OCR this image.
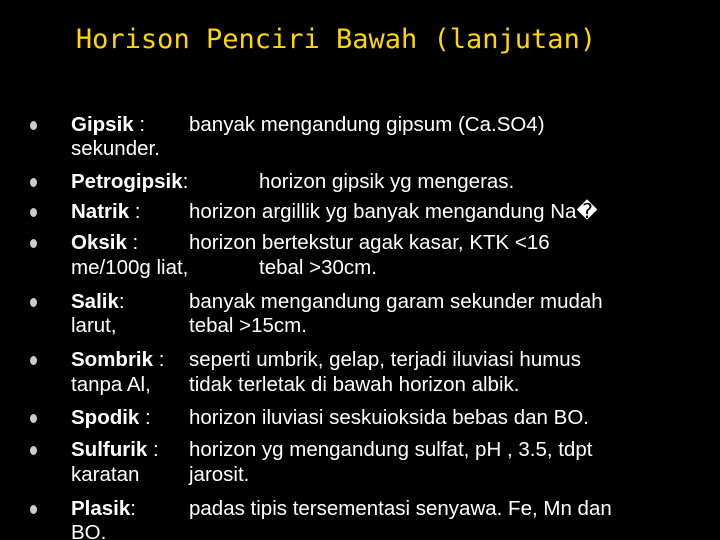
Horison Penciri Bawah (lanjutan)
Gipsik : banyak mengandung gipsum (Ca.SO4)
sekunder.
Petrogipsik:	horizon gipsik yg mengeras.
Natrik : horizon argillik yg banyak mengandung Na�
Oksik : horizon bertekstur agak kasar, KTK <16
me/100g liat,	tebal >30cm.
Salik:	banyak mengandung garam sekunder mudah
larut,	tebal >15cm.
Sombrik : seperti umbrik, gelap, terjadi iluviasi humus
tanpa Al, tidak terletak di bawah horizon albik.
Spodik : horizon iluviasi seskuioksida bebas dan BO.
Sulfurik : horizon yg mengandung sulfat, pH , 3.5, tdpt
karatan jarosit.
Plasik:	padas tipis tersementasi senyawa. Fe, Mn dan
BO.
